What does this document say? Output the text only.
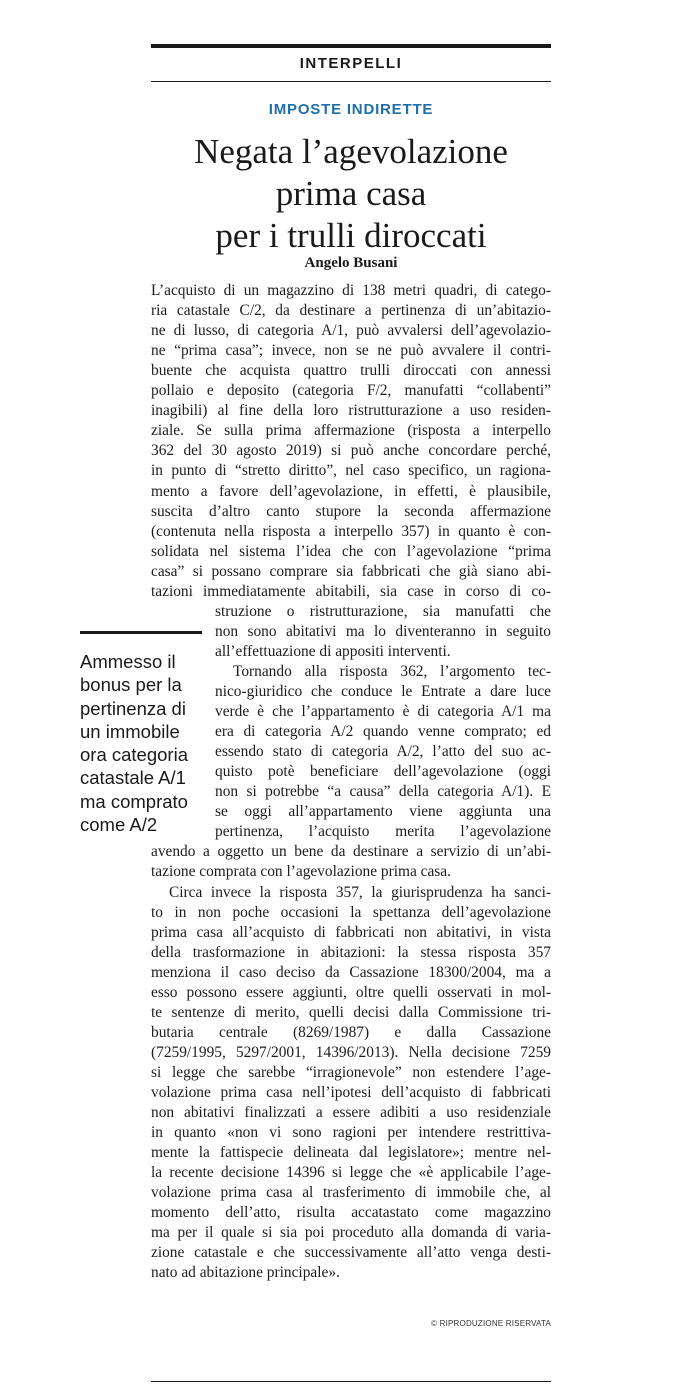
INTERPELLI
IMPOSTE INDIRETTE
Negata l’agevolazione
prima casa
per i trulli diroccati
Angelo Busani
L’acquisto di un magazzino di 138 metri quadri, di catego-
ria catastale C/2, da destinare a pertinenza di un’abitazio-
ne di lusso, di categoria A/1, può avvalersi dell’agevolazio-
ne “prima casa”; invece, non se ne può avvalere il contri-
buente che acquista quattro trulli diroccati con annessi
pollaio e deposito (categoria F/2, manufatti “collabenti”
inagibili) al fine della loro ristrutturazione a uso residen-
ziale. Se sulla prima affermazione (risposta a interpello
362 del 30 agosto 2019) si può anche concordare perché,
in punto di “stretto diritto”, nel caso specifico, un ragiona-
mento a favore dell’agevolazione, in effetti, è plausibile,
suscita d’altro canto stupore la seconda affermazione
(contenuta nella risposta a interpello 357) in quanto è con-
solidata nel sistema l’idea che con l’agevolazione “prima
casa” si possano comprare sia fabbricati che già siano abi-
tazioni immediatamente abitabili, sia case in corso di co-
struzione o ristrutturazione, sia manufatti che
non sono abitativi ma lo diventeranno in seguito
all’effettuazione di appositi interventi.
Tornando alla risposta 362, l’argomento tec-
nico-giuridico che conduce le Entrate a dare luce
verde è che l’appartamento è di categoria A/1 ma
era di categoria A/2 quando venne comprato; ed
essendo stato di categoria A/2, l’atto del suo ac-
quisto potè beneficiare dell’agevolazione (oggi
non si potrebbe “a causa” della categoria A/1). E
se oggi all’appartamento viene aggiunta una
pertinenza, l’acquisto merita l’agevolazione
avendo a oggetto un bene da destinare a servizio di un’abi-
tazione comprata con l’agevolazione prima casa.
Circa invece la risposta 357, la giurisprudenza ha sanci-
to in non poche occasioni la spettanza dell’agevolazione
prima casa all’acquisto di fabbricati non abitativi, in vista
della trasformazione in abitazioni: la stessa risposta 357
menziona il caso deciso da Cassazione 18300/2004, ma a
esso possono essere aggiunti, oltre quelli osservati in mol-
te sentenze di merito, quelli decisi dalla Commissione tri-
butaria centrale (8269/1987) e dalla Cassazione
(7259/1995, 5297/2001, 14396/2013). Nella decisione 7259
si legge che sarebbe “irragionevole” non estendere l’age-
volazione prima casa nell’ipotesi dell’acquisto di fabbricati
non abitativi finalizzati a essere adibiti a uso residenziale
in quanto «non vi sono ragioni per intendere restrittiva-
mente la fattispecie delineata dal legislatore»; mentre nel-
la recente decisione 14396 si legge che «è applicabile l’age-
volazione prima casa al trasferimento di immobile che, al
momento dell’atto, risulta accatastato come magazzino
ma per il quale si sia poi proceduto alla domanda di varia-
zione catastale e che successivamente all’atto venga desti-
nato ad abitazione principale».
Ammesso il
bonus per la
pertinenza di
un immobile
ora categoria
catastale A/1
ma comprato
come A/2
© RIPRODUZIONE RISERVATA
